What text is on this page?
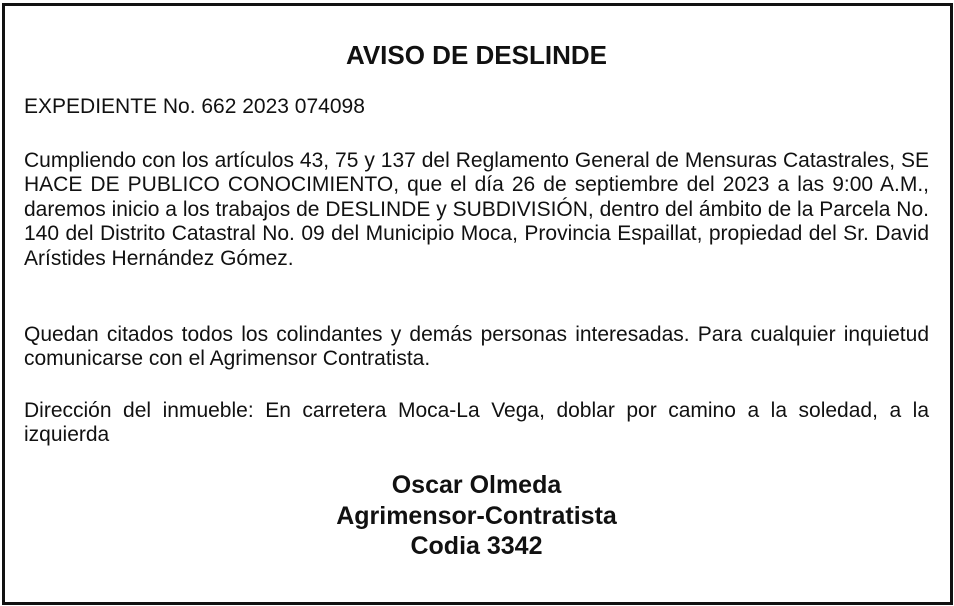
AVISO DE DESLINDE

EXPEDIENTE No. 662 2023 074098

Cumpliendo con los artículos 43, 75 y 137 del Reglamento General de Mensuras Catastrales, SE HACE DE PUBLICO CONOCIMIENTO, que el día 26 de septiembre del 2023 a las 9:00 A.M., daremos inicio a los trabajos de DESLINDE y SUBDIVISIÓN, dentro del ámbito de la Parcela No. 140 del Distrito Catastral No. 09 del Municipio Moca, Provincia Espaillat, propiedad del Sr. David Arístides Hernández Gómez.

Quedan citados todos los colindantes y demás personas interesadas. Para cualquier inquietud comunicarse con el Agrimensor Contratista.

Dirección del inmueble: En carretera Moca-La Vega, doblar por camino a la soledad, a la izquierda

Oscar Olmeda
Agrimensor-Contratista
Codia 3342
